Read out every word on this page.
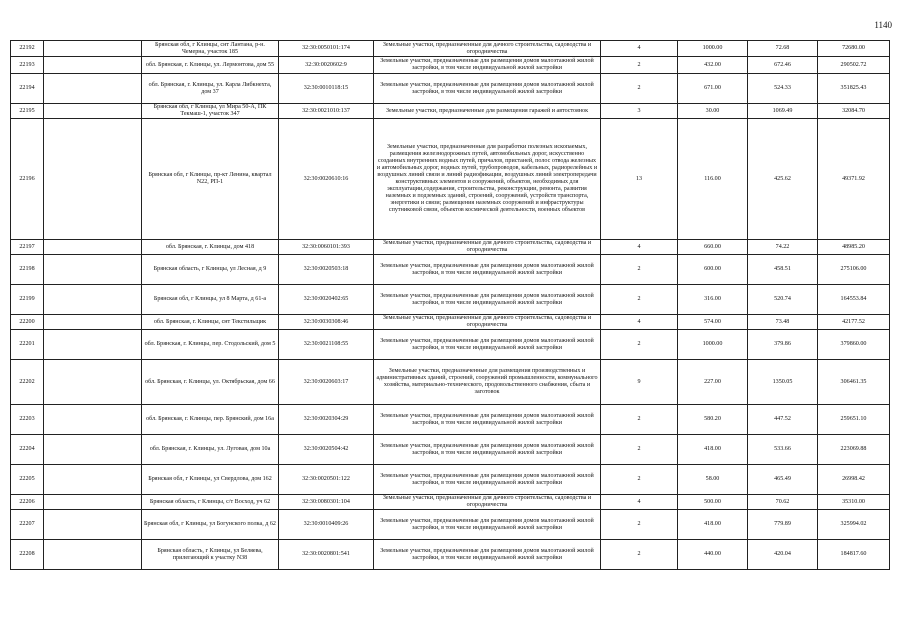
1140
22192		Брянская обл, г Клинцы, снт Лантана, р-н. Чемерна, участок 185	32:30:0050101:174	Земельные участки, предназначенные для дачного строительства, садоводства и огородничества	4	1000.00	72.68	72680.00
22193		обл. Брянская, г. Клинцы, ул. Лермонтова, дом 55	32:30:0020602:9	Земельные участки, предназначенные для размещения домов малоэтажной жилой застройки, в том числе индивидуальной жилой застройки	2	432.00	672.46	290502.72
22194		обл. Брянская, г. Клинцы, ул. Карла Либкнехта, дом 37	32:30:0010118:15	Земельные участки, предназначенные для размещения домов малоэтажной жилой застройки, в том числе индивидуальной жилой застройки	2	671.00	524.33	351825.43
22195		Брянская обл, г Клинцы, ул Мира 50-А, ПК Текмаш-1, участок 347	32:30:0021010:137	Земельные участки, предназначенные для размещения гаражей и автостоянок	3	30.00	1069.49	32084.70
22196		Брянская обл, г Клинцы, пр-кт Ленина, квартал N22, РП-1	32:30:0020610:16	Земельные участки, предназначенные для разработки полезных ископаемых, размещения железнодорожных путей, автомобильных дорог, искусственно созданных внутренних водных путей, причалов, пристаней, полос отвода железных и автомобильных дорог, водных путей, трубопроводов, кабельных, радиорелейных и воздушных линий связи и линий радиофикации, воздушных линий электропередачи конструктивных элементов и сооружений, объектов, необходимых для эксплуатации,содержания, строительства, реконструкции, ремонта, развития наземных и подземных зданий, строений, сооружений, устройств транспорта, энергетики и связи; размещения наземных сооружений и инфраструктуры спутниковой связи, объектов космической деятельности, военных объектов	13	116.00	425.62	49371.92
22197		обл. Брянская, г. Клинцы, дом 418	32:30:0060101:393	Земельные участки, предназначенные для дачного строительства, садоводства и огородничества	4	660.00	74.22	48985.20
22198		Брянская область, г Клинцы, ул Лесная, д 9	32:30:0020503:18	Земельные участки, предназначенные для размещения домов малоэтажной жилой застройки, в том числе индивидуальной жилой застройки	2	600.00	458.51	275106.00
22199		Брянская обл, г Клинцы, ул 8 Марта, д 61-а	32:30:0020402:65	Земельные участки, предназначенные для размещения домов малоэтажной жилой застройки, в том числе индивидуальной жилой застройки	2	316.00	520.74	164553.84
22200		обл. Брянская, г. Клинцы, снт Текстильщик	32:30:0030308:46	Земельные участки, предназначенные для дачного строительства, садоводства и огородничества	4	574.00	73.48	42177.52
22201		обл. Брянская, г. Клинцы, пер. Стодольский, дом 5	32:30:0021108:55	Земельные участки, предназначенные для размещения домов малоэтажной жилой застройки, в том числе индивидуальной жилой застройки	2	1000.00	379.86	379860.00
22202		обл. Брянская, г. Клинцы, ул. Октябрьская, дом 66	32:30:0020603:17	Земельные участки, предназначенные для размещения производственных и административных зданий, строений, сооружений промышленности, коммунального хозяйства, материально-технического, продовольственного снабжения, сбыта и заготовок	9	227.00	1350.05	306461.35
22203		обл. Брянская, г. Клинцы, пер. Брянский, дом 16а	32:30:0020304:29	Земельные участки, предназначенные для размещения домов малоэтажной жилой застройки, в том числе индивидуальной жилой застройки	2	580.20	447.52	259651.10
22204		обл. Брянская, г. Клинцы, ул. Луговая, дом 10а	32:30:0020504:42	Земельные участки, предназначенные для размещения домов малоэтажной жилой застройки, в том числе индивидуальной жилой застройки	2	418.00	533.66	223069.88
22205		Брянская обл, г Клинцы, ул Свердлова, дом 162	32:30:0020501:122	Земельные участки, предназначенные для размещения домов малоэтажной жилой застройки, в том числе индивидуальной жилой застройки	2	58.00	465.49	26998.42
22206		Брянская область, г Клинцы, с/т Восход, уч 62	32:30:0080301:104	Земельные участки, предназначенные для дачного строительства, садоводства и огородничества	4	500.00	70.62	35310.00
22207		Брянская обл, г Клинцы, ул Богунского полка, д 62	32:30:0010409:26	Земельные участки, предназначенные для размещения домов малоэтажной жилой застройки, в том числе индивидуальной жилой застройки	2	418.00	779.89	325994.02
22208		Брянская область, г Клинцы, ул Беляева, прилегающий к участку N38	32:30:0020801:541	Земельные участки, предназначенные для размещения домов малоэтажной жилой застройки, в том числе индивидуальной жилой застройки	2	440.00	420.04	184817.60
